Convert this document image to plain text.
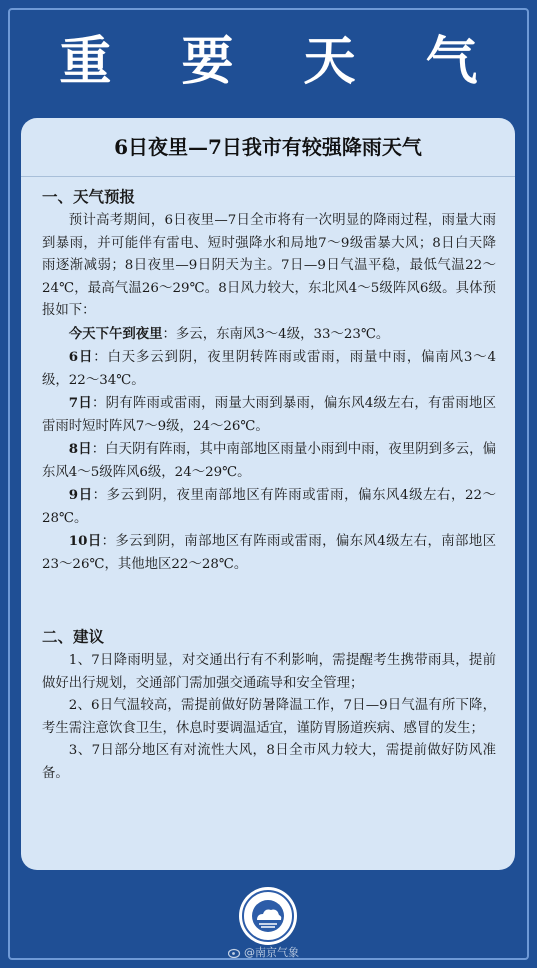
重 要 天 气
6日夜里—7日我市有较强降雨天气
一、天气预报

预计高考期间，6日夜里—7日全市将有一次明显的降雨过程，雨量大雨到暴雨，并可能伴有雷电、短时强降水和局地7～9级雷暴大风；8日白天降雨逐渐减弱；8日夜里—9日阴天为主。7日—9日气温平稳，最低气温22～24℃，最高气温26～29℃。8日风力较大，东北风4～5级阵风6级。具体预报如下：

今天下午到夜里：多云，东南风3～4级，33～23℃。

6日：白天多云到阴，夜里阴转阵雨或雷雨，雨量中雨，偏南风3～4级，22～34℃。

7日：阴有阵雨或雷雨，雨量大雨到暴雨，偏东风4级左右，有雷雨地区雷雨时短时阵风7～9级，24～26℃。

8日：白天阴有阵雨，其中南部地区雨量小雨到中雨，夜里阴到多云，偏东风4～5级阵风6级，24～29℃。

9日：多云到阴，夜里南部地区有阵雨或雷雨，偏东风4级左右，22～28℃。

10日：多云到阴，南部地区有阵雨或雷雨，偏东风4级左右，南部地区23～26℃，其他地区22～28℃。

二、建议

1、7日降雨明显，对交通出行有不利影响，需提醒考生携带雨具，提前做好出行规划，交通部门需加强交通疏导和安全管理；

2、6日气温较高，需提前做好防暑降温工作，7日—9日气温有所下降，考生需注意饮食卫生，休息时要调温适宜，谨防胃肠道疾病、感冒的发生；

3、7日部分地区有对流性大风，8日全市风力较大，需提前做好防风准备。

@南京气象
